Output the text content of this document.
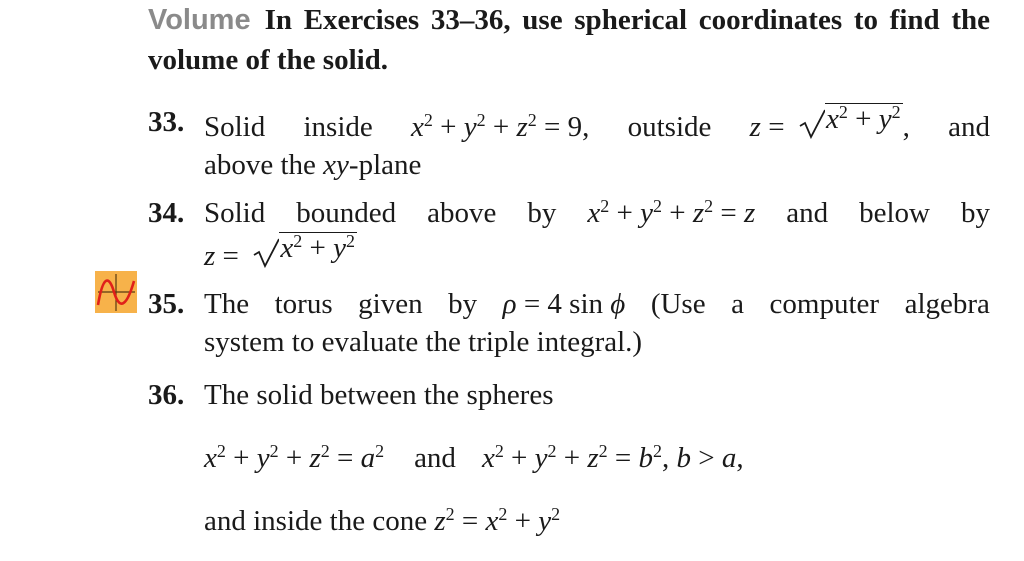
Volume In Exercises 33–36, use spherical coordinates to find the volume of the solid.
33. Solid inside $x^2 + y^2 + z^2 = 9$, outside $z = x^2 + y^2$ , and
above the xy-plane
34. Solid bounded above by $x^2 + y^2 + z^2 = z$ and below by
$z = x^2 + y^2$
35. The torus given by ρ = 4 sin ϕ (Use a computer algebra
system to evaluate the triple integral.)
36. The solid between the spheres
$x^2 + y^2 + z^2 = a^2$ and $x^2 + y^2 + z^2 = b^2$, b > a,
and inside the cone $z^2 = x^2 + y^2$
